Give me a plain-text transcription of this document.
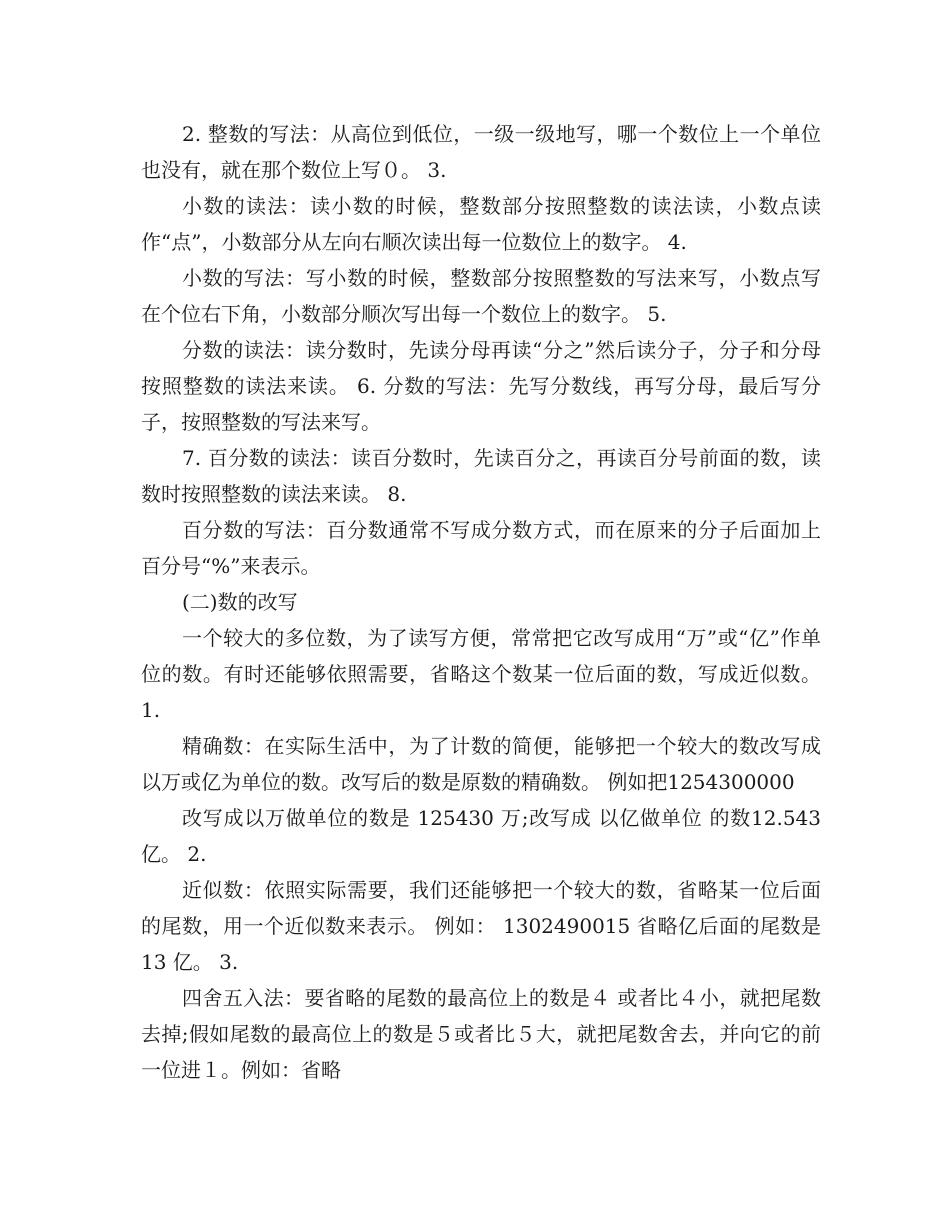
2. 整数的写法：从高位到低位，一级一级地写，哪一个数位上一个单位也没有，就在那个数位上写０。 3.

小数的读法：读小数的时候，整数部分按照整数的读法读，小数点读作“点”，小数部分从左向右顺次读出每一位数位上的数字。 4.

小数的写法：写小数的时候，整数部分按照整数的写法来写，小数点写在个位右下角，小数部分顺次写出每一个数位上的数字。 5.

分数的读法：读分数时，先读分母再读“分之”然后读分子，分子和分母按照整数的读法来读。 6. 分数的写法：先写分数线，再写分母，最后写分子，按照整数的写法来写。

7. 百分数的读法：读百分数时，先读百分之，再读百分号前面的数，读数时按照整数的读法来读。 8.

百分数的写法：百分数通常不写成分数方式，而在原来的分子后面加上百分号“%”来表示。

(二)数的改写

一个较大的多位数，为了读写方便，常常把它改写成用“万”或“亿”作单位的数。有时还能够依照需要，省略这个数某一位后面的数，写成近似数。 1.

精确数：在实际生活中，为了计数的简便，能够把一个较大的数改写成以万或亿为单位的数。改写后的数是原数的精确数。 例如把1254300000

改写成以万做单位的数是 125430 万;改写成 以亿做单位 的数12.543 亿。 2.

近似数：依照实际需要，我们还能够把一个较大的数，省略某一位后面的尾数，用一个近似数来表示。 例如： 1302490015 省略亿后面的尾数是 13 亿。 3.

四舍五入法：要省略的尾数的最高位上的数是４ 或者比４小，就把尾数去掉;假如尾数的最高位上的数是５或者比５大，就把尾数舍去，并向它的前一位进１。例如：省略
